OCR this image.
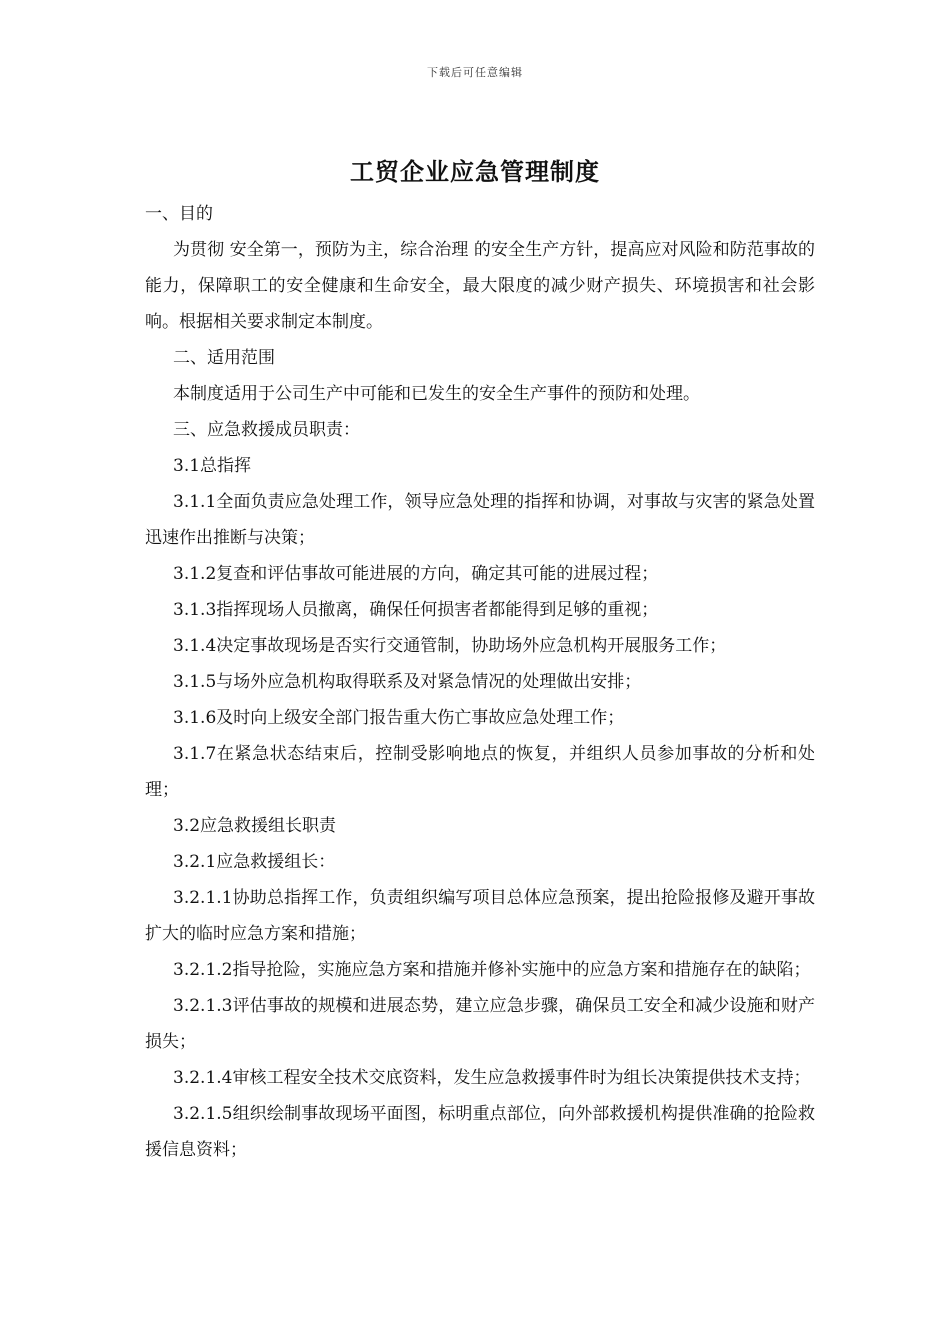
下载后可任意编辑
工贸企业应急管理制度

一、目的

为贯彻 安全第一，预防为主，综合治理 的安全生产方针，提高应对风险和防范事故的能力，保障职工的安全健康和生命安全，最大限度的减少财产损失、环境损害和社会影响。根据相关要求制定本制度。

二、适用范围

本制度适用于公司生产中可能和已发生的安全生产事件的预防和处理。

三、应急救援成员职责：

3.1总指挥

3.1.1全面负责应急处理工作，领导应急处理的指挥和协调，对事故与灾害的紧急处置迅速作出推断与决策；

3.1.2复查和评估事故可能进展的方向，确定其可能的进展过程；

3.1.3指挥现场人员撤离，确保任何损害者都能得到足够的重视；

3.1.4决定事故现场是否实行交通管制，协助场外应急机构开展服务工作；

3.1.5与场外应急机构取得联系及对紧急情况的处理做出安排；

3.1.6及时向上级安全部门报告重大伤亡事故应急处理工作；

3.1.7在紧急状态结束后，控制受影响地点的恢复，并组织人员参加事故的分析和处理；

3.2应急救援组长职责

3.2.1应急救援组长：

3.2.1.1协助总指挥工作，负责组织编写项目总体应急预案，提出抢险报修及避开事故扩大的临时应急方案和措施；

3.2.1.2指导抢险，实施应急方案和措施并修补实施中的应急方案和措施存在的缺陷；

3.2.1.3评估事故的规模和进展态势，建立应急步骤，确保员工安全和减少设施和财产损失；

3.2.1.4审核工程安全技术交底资料，发生应急救援事件时为组长决策提供技术支持；

3.2.1.5组织绘制事故现场平面图，标明重点部位，向外部救援机构提供准确的抢险救援信息资料；
